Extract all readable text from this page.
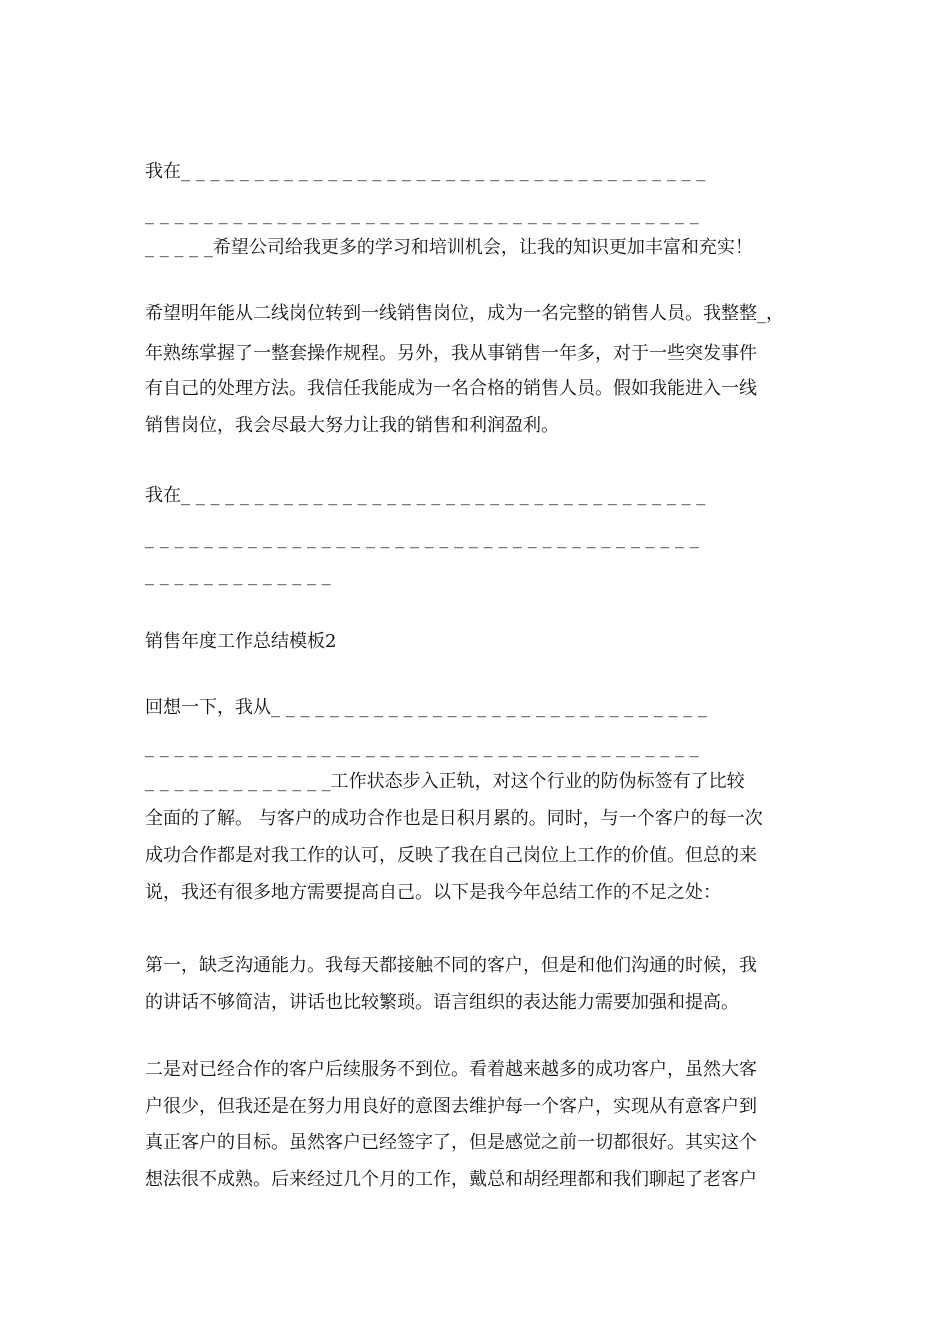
我在_ _ _ _ _ _ _ _ _ _ _ _ _ _ _ _ _ _ _ _ _ _ _ _ _ _ _ _ _ _ _ _ _ _ _ _
_ _ _ _ _ _ _ _ _ _ _ _ _ _ _ _ _ _ _ _ _ _ _ _ _ _ _ _ _ _ _ _ _ _ _ _ _ _
_ _ _ _ _希望公司给我更多的学习和培训机会，让我的知识更加丰富和充实！
希望明年能从二线岗位转到一线销售岗位，成为一名完整的销售人员。我整整_，
年熟练掌握了一整套操作规程。另外，我从事销售一年多，对于一些突发事件
有自己的处理方法。我信任我能成为一名合格的销售人员。假如我能进入一线
销售岗位，我会尽最大努力让我的销售和利润盈利。
我在_ _ _ _ _ _ _ _ _ _ _ _ _ _ _ _ _ _ _ _ _ _ _ _ _ _ _ _ _ _ _ _ _ _ _ _
_ _ _ _ _ _ _ _ _ _ _ _ _ _ _ _ _ _ _ _ _ _ _ _ _ _ _ _ _ _ _ _ _ _ _ _ _ _
_ _ _ _ _ _ _ _ _ _ _ _ _
销售年度工作总结模板2
回想一下，我从_ _ _ _ _ _ _ _ _ _ _ _ _ _ _ _ _ _ _ _ _ _ _ _ _ _ _ _ _ _
_ _ _ _ _ _ _ _ _ _ _ _ _ _ _ _ _ _ _ _ _ _ _ _ _ _ _ _ _ _ _ _ _ _ _ _ _ _
_ _ _ _ _ _ _ _ _ _ _ _ _工作状态步入正轨，对这个行业的防伪标签有了比较
全面的了解。 与客户的成功合作也是日积月累的。同时，与一个客户的每一次
成功合作都是对我工作的认可，反映了我在自己岗位上工作的价值。但总的来
说，我还有很多地方需要提高自己。以下是我今年总结工作的不足之处：
第一，缺乏沟通能力。我每天都接触不同的客户，但是和他们沟通的时候，我
的讲话不够简洁，讲话也比较繁琐。语言组织的表达能力需要加强和提高。
二是对已经合作的客户后续服务不到位。看着越来越多的成功客户，虽然大客
户很少，但我还是在努力用良好的意图去维护每一个客户，实现从有意客户到
真正客户的目标。虽然客户已经签字了，但是感觉之前一切都很好。其实这个
想法很不成熟。后来经过几个月的工作，戴总和胡经理都和我们聊起了老客户
